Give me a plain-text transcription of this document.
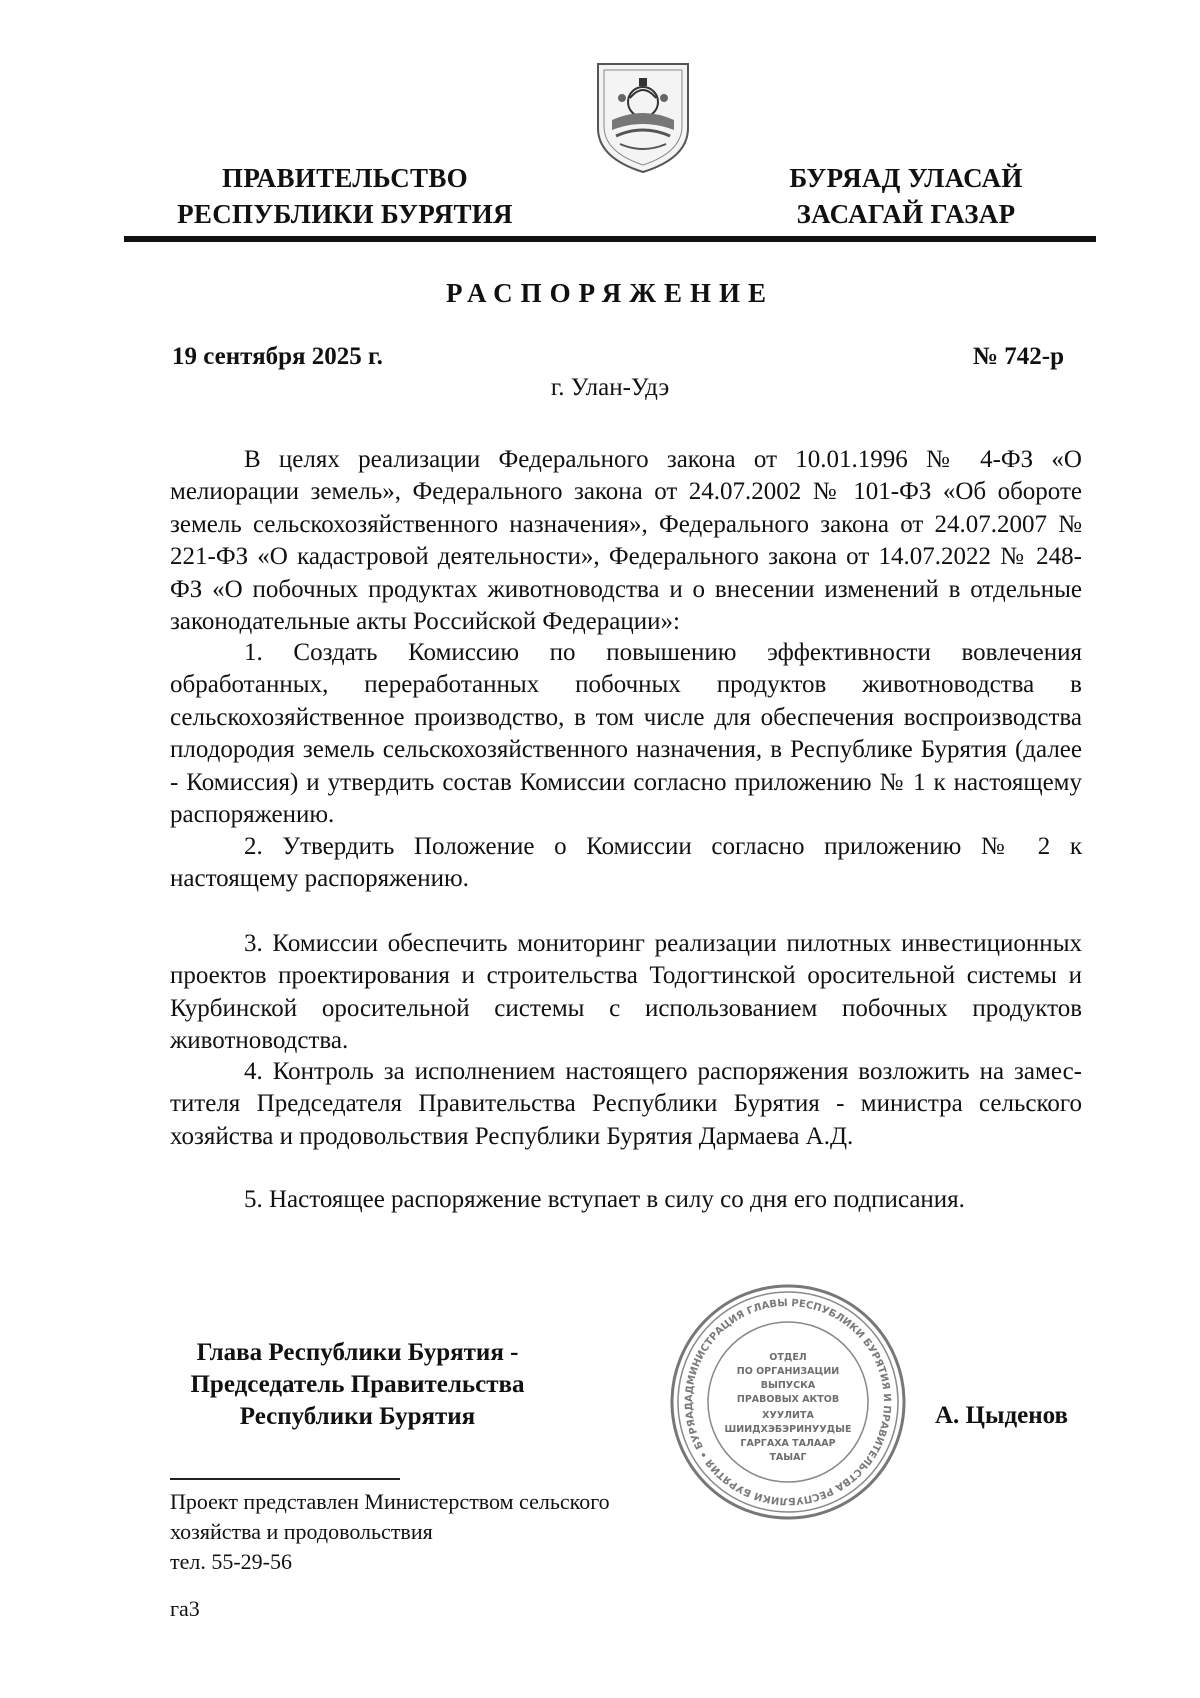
ПРАВИТЕЛЬСТВО
РЕСПУБЛИКИ БУРЯТИЯ
БУРЯАД УЛАСАЙ
ЗАСАГАЙ ГАЗАР
РАСПОРЯЖЕНИЕ
19 сентября 2025 г.	№ 742-р
г. Улан-Удэ

В целях реализации Федерального закона от 10.01.1996 № 4-ФЗ «О мелиорации земель», Федерального закона от 24.07.2002 № 101-ФЗ «Об обороте земель сельскохозяйственного назначения», Федерального закона от 24.07.2007 № 221-ФЗ «О кадастровой деятельности», Федерального закона от 14.07.2022 № 248-ФЗ «О побочных продуктах животноводства и о внесении изменений в отдельные законодательные акты Российской Федерации»:

1. Создать Комиссию по повышению эффективности вовлечения обработанных, переработанных побочных продуктов животноводства в сельскохозяйственное производство, в том числе для обеспечения воспроизводства плодородия земель сельскохозяйственного назначения, в Республике Бурятия (далее - Комиссия) и утвердить состав Комиссии согласно приложению № 1 к настоящему распоряжению.

2. Утвердить Положение о Комиссии согласно приложению № 2 к настоящему распоряжению.

3. Комиссии обеспечить мониторинг реализации пилотных инвестиционных проектов проектирования и строительства Тодогтинской оросительной системы и Курбинской оросительной системы с использованием побочных продуктов животноводства.

4. Контроль за исполнением настоящего распоряжения возложить на замес-тителя Председателя Правительства Республики Бурятия - министра сельского хозяйства и продовольствия Республики Бурятия Дармаева А.Д.

5. Настоящее распоряжение вступает в силу со дня его подписания.

Глава Республики Бурятия -
Председатель Правительства
Республики Бурятия
АДМИНИСТРАЦИЯ ГЛАВЫ РЕСПУБЛИКИ БУРЯТИЯ И ПРАВИТЕЛЬСТВА РЕСПУБЛИКИ БУРЯТИЯ • БУРЯАД
ОТДЕЛ
ПО ОРГАНИЗАЦИИ
ВЫПУСКА
ПРАВОВЫХ АКТОВ
ХУУЛИТА
ШИИДХЭБЭРИНУУДЫЕ
ГАРГАХА ТАЛААР
ТАЫАГ
А. Цыденов
Проект представлен Министерством сельского
хозяйства и продовольствия
тел. 55-29-56
га3
